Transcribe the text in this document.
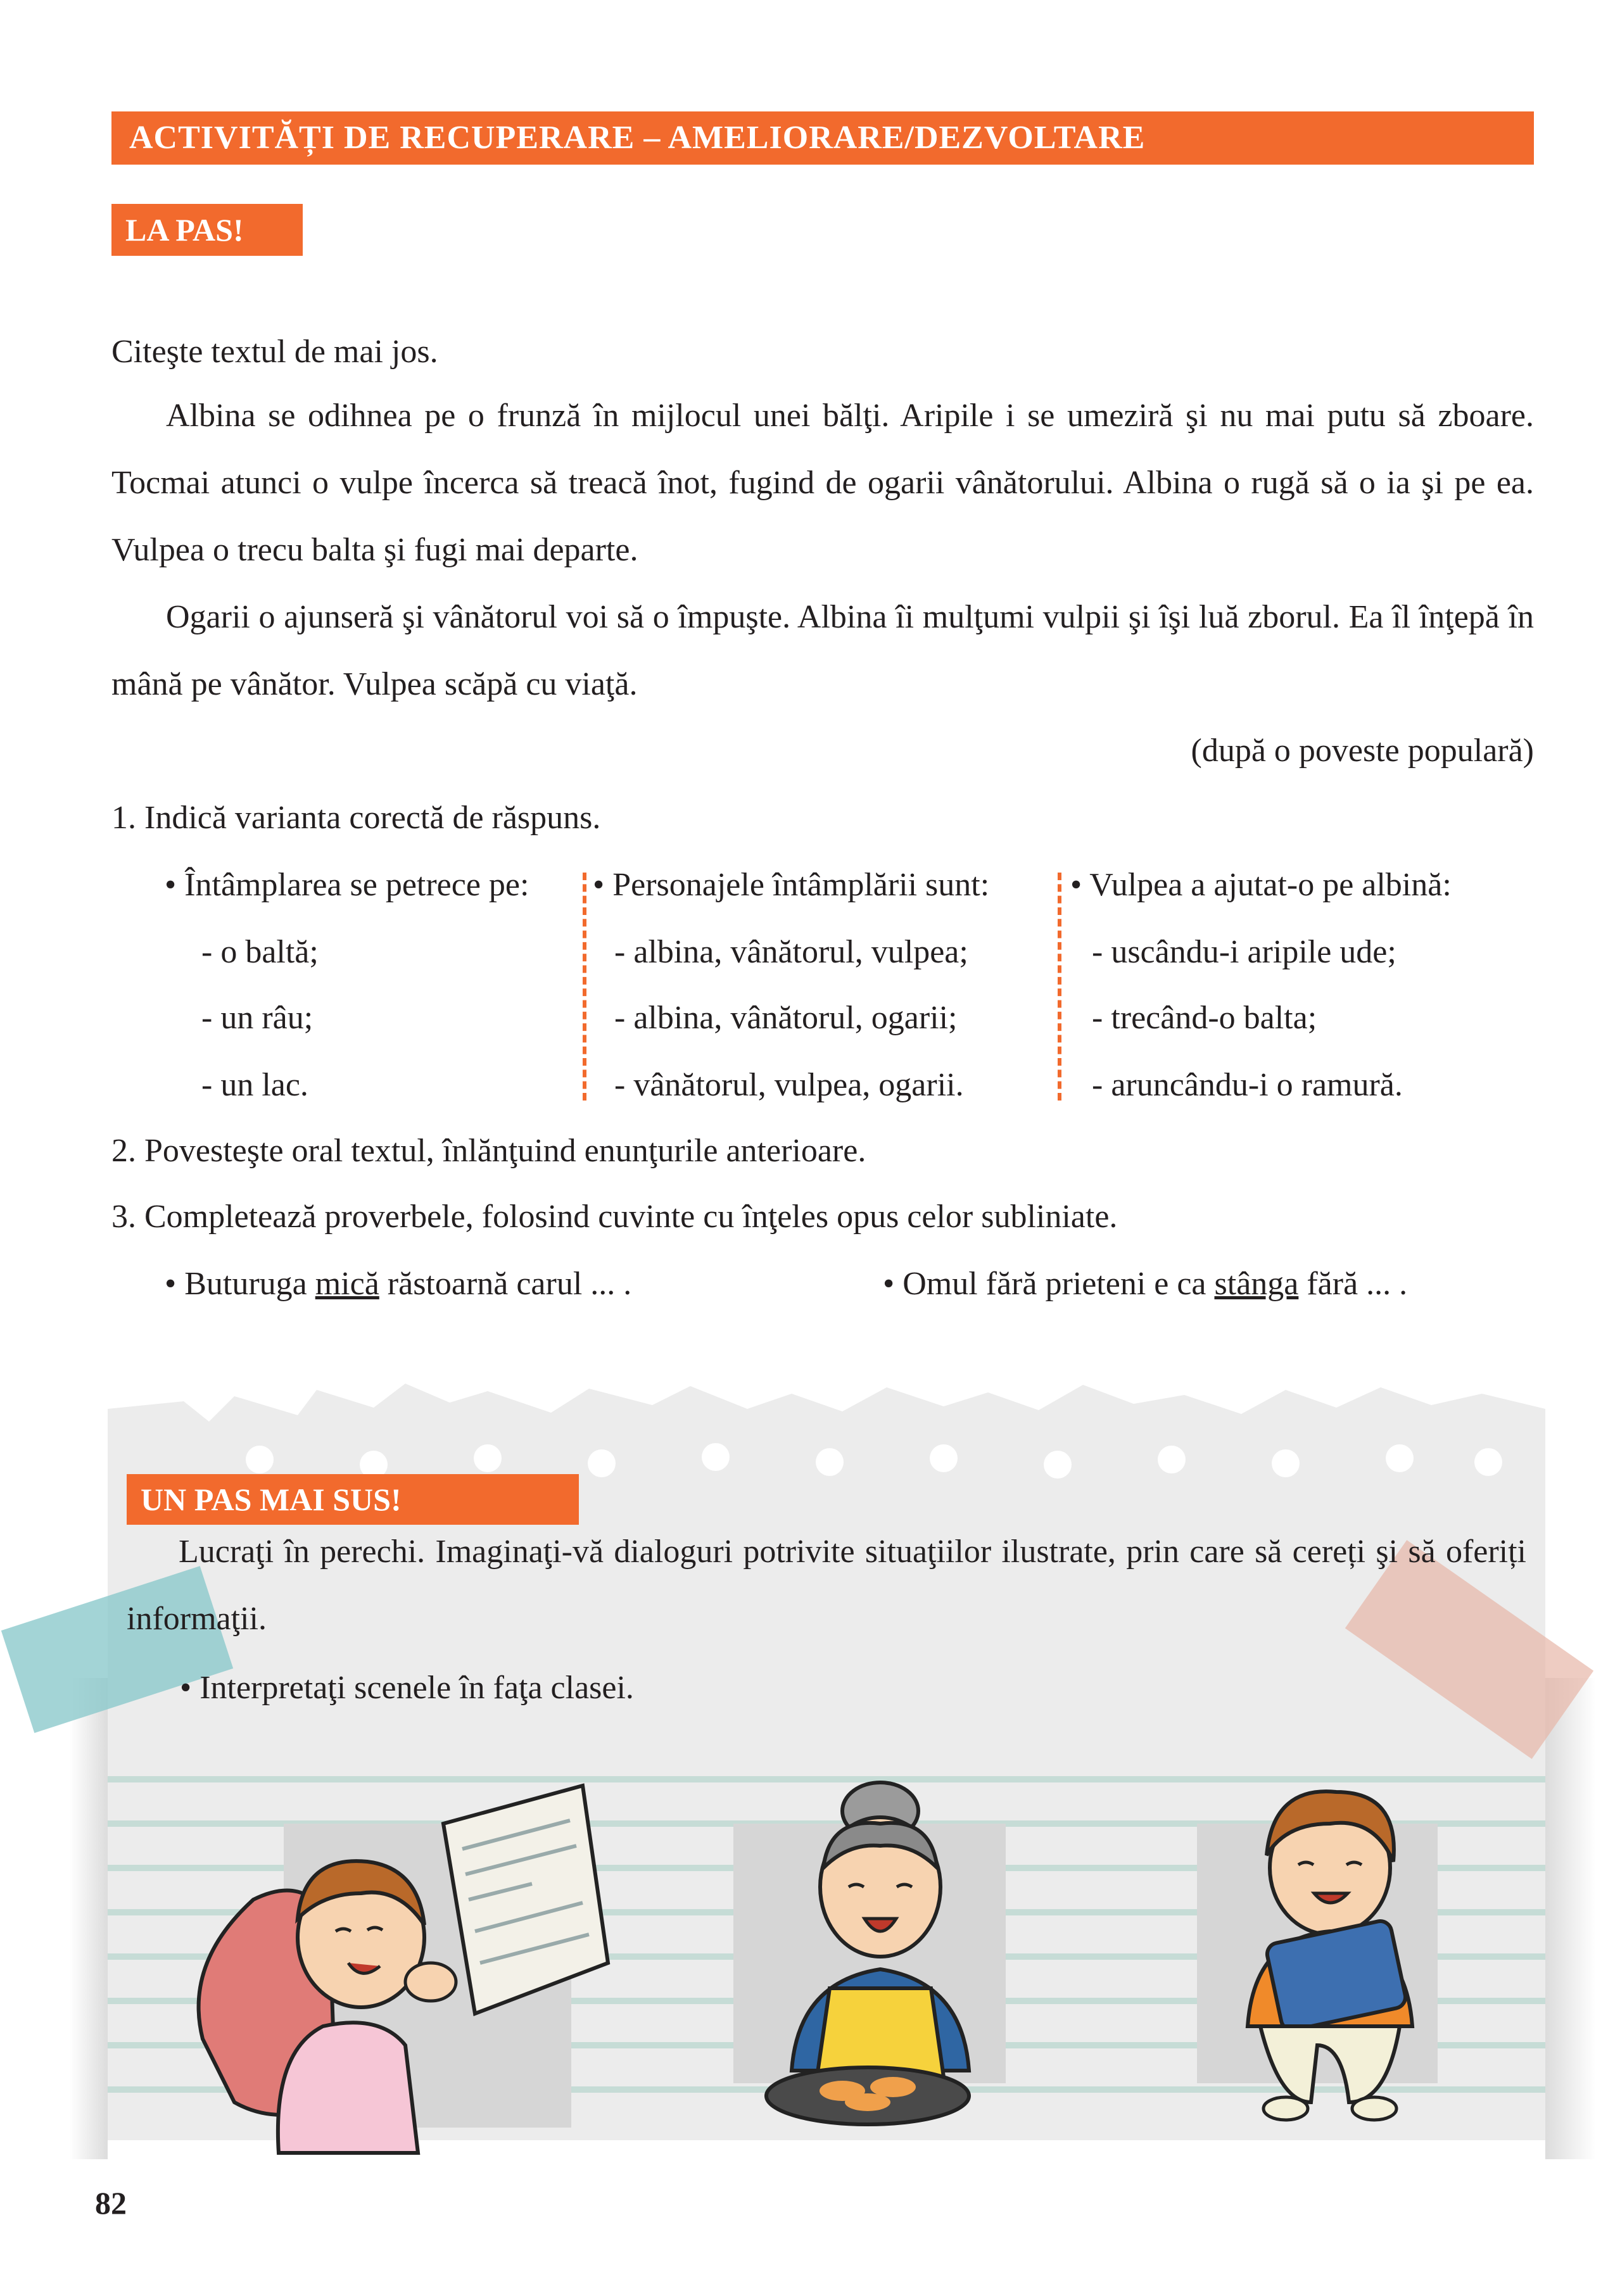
ACTIVITĂȚI DE RECUPERARE – AMELIORARE/DEZVOLTARE
LA PAS!
Citeşte textul de mai jos.
Albina se odihnea pe o frunză în mijlocul unei bălţi. Aripile i se umeziră şi nu mai putu să zboare. Tocmai atunci o vulpe încerca să treacă înot, fugind de ogarii vânătorului. Albina o rugă să o ia şi pe ea. Vulpea o trecu balta şi fugi mai departe.
Ogarii o ajunseră şi vânătorul voi să o împuşte. Albina îi mulţumi vulpii şi îşi luă zborul. Ea îl înţepă în mână pe vânător. Vulpea scăpă cu viaţă.
(după o poveste populară)
1. Indică varianta corectă de răspuns.
• Întâmplarea se petrece pe:
- o baltă;
- un râu;
- un lac.
• Personajele întâmplării sunt:
- albina, vânătorul, vulpea;
- albina, vânătorul, ogarii;
- vânătorul, vulpea, ogarii.
• Vulpea a ajutat-o pe albină:
- uscându-i aripile ude;
- trecând-o balta;
- aruncându-i o ramură.
2. Povesteşte oral textul, înlănţuind enunţurile anterioare.
3. Completează proverbele, folosind cuvinte cu înţeles opus celor subliniate.
• Buturuga mică răstoarnă carul ... .	• Omul fără prieteni e ca stânga fără ... .
UN PAS MAI SUS!
Lucraţi în perechi. Imaginaţi-vă dialoguri potrivite situaţiilor ilustrate, prin care să cereți şi să oferiți informaţii.
• Interpretaţi scenele în faţa clasei.
82
